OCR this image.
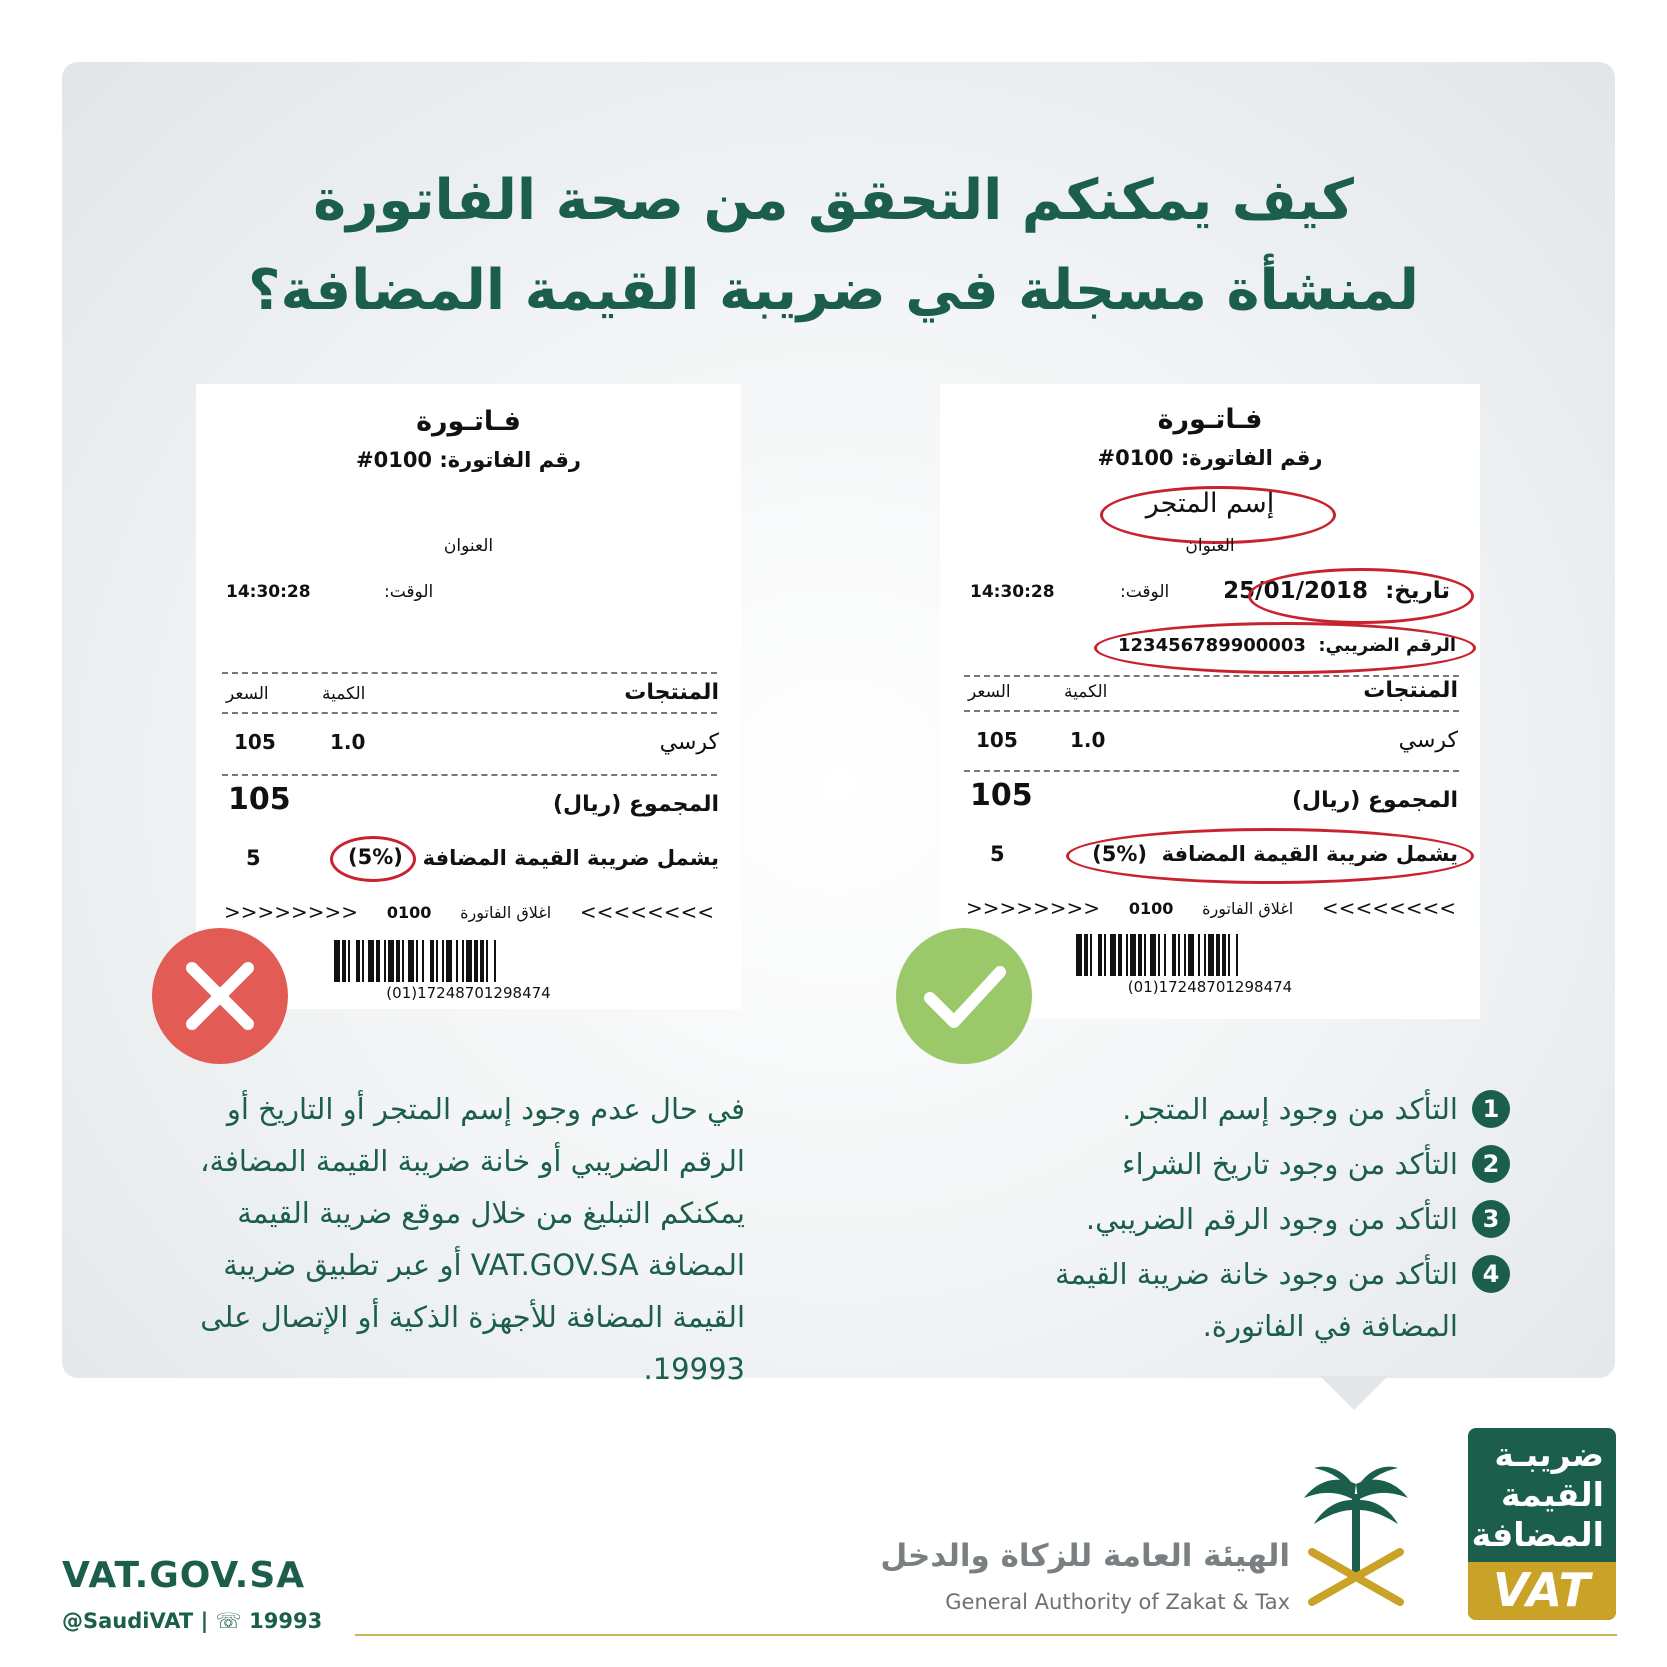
كيف يمكنكم التحقق من صحة الفاتورة
لمنشأة مسجلة في ضريبة القيمة المضافة؟
فـاتـورة
رقم الفاتورة: 0100#
العنوان
الوقت:
14:30:28
المنتجات
الكمية
السعر
كرسي
1.0
105
المجموع (ريال)
105
يشمل ضريبة القيمة المضافة
(5%)
5
>>>>>>>> 0100 اغلاق الفاتورة <<<<<<<<
(01)17248701298474
فـاتـورة
رقم الفاتورة: 0100#
إسم المتجر
العنوان
تاريخ:
25/01/2018
الوقت:
14:30:28
الرقم الضريبي:
123456789900003
المنتجات
الكمية
السعر
كرسي
1.0
105
المجموع (ريال)
105
يشمل ضريبة القيمة المضافة  (5%)
5
>>>>>>>> 0100 اغلاق الفاتورة <<<<<<<<
(01)17248701298474
في حال عدم وجود إسم المتجر أو التاريخ أو الرقم الضريبي أو خانة ضريبة القيمة المضافة، يمكنكم التبليغ من خلال موقع ضريبة القيمة المضافة VAT.GOV.SA أو عبر تطبيق ضريبة القيمة المضافة للأجهزة الذكية أو الإتصال على 19993.
1
التأكد من وجود إسم المتجر.
2
التأكد من وجود تاريخ الشراء
3
التأكد من وجود الرقم الضريبي.
4
التأكد من وجود خانة ضريبة القيمة المضافة في الفاتورة.
VAT.GOV.SA
@SaudiVAT | ☏ 19993
الهيئة العامة للزكاة والدخل
General Authority of Zakat & Tax
ضريبـة
القيمة
المضافة
VAT
